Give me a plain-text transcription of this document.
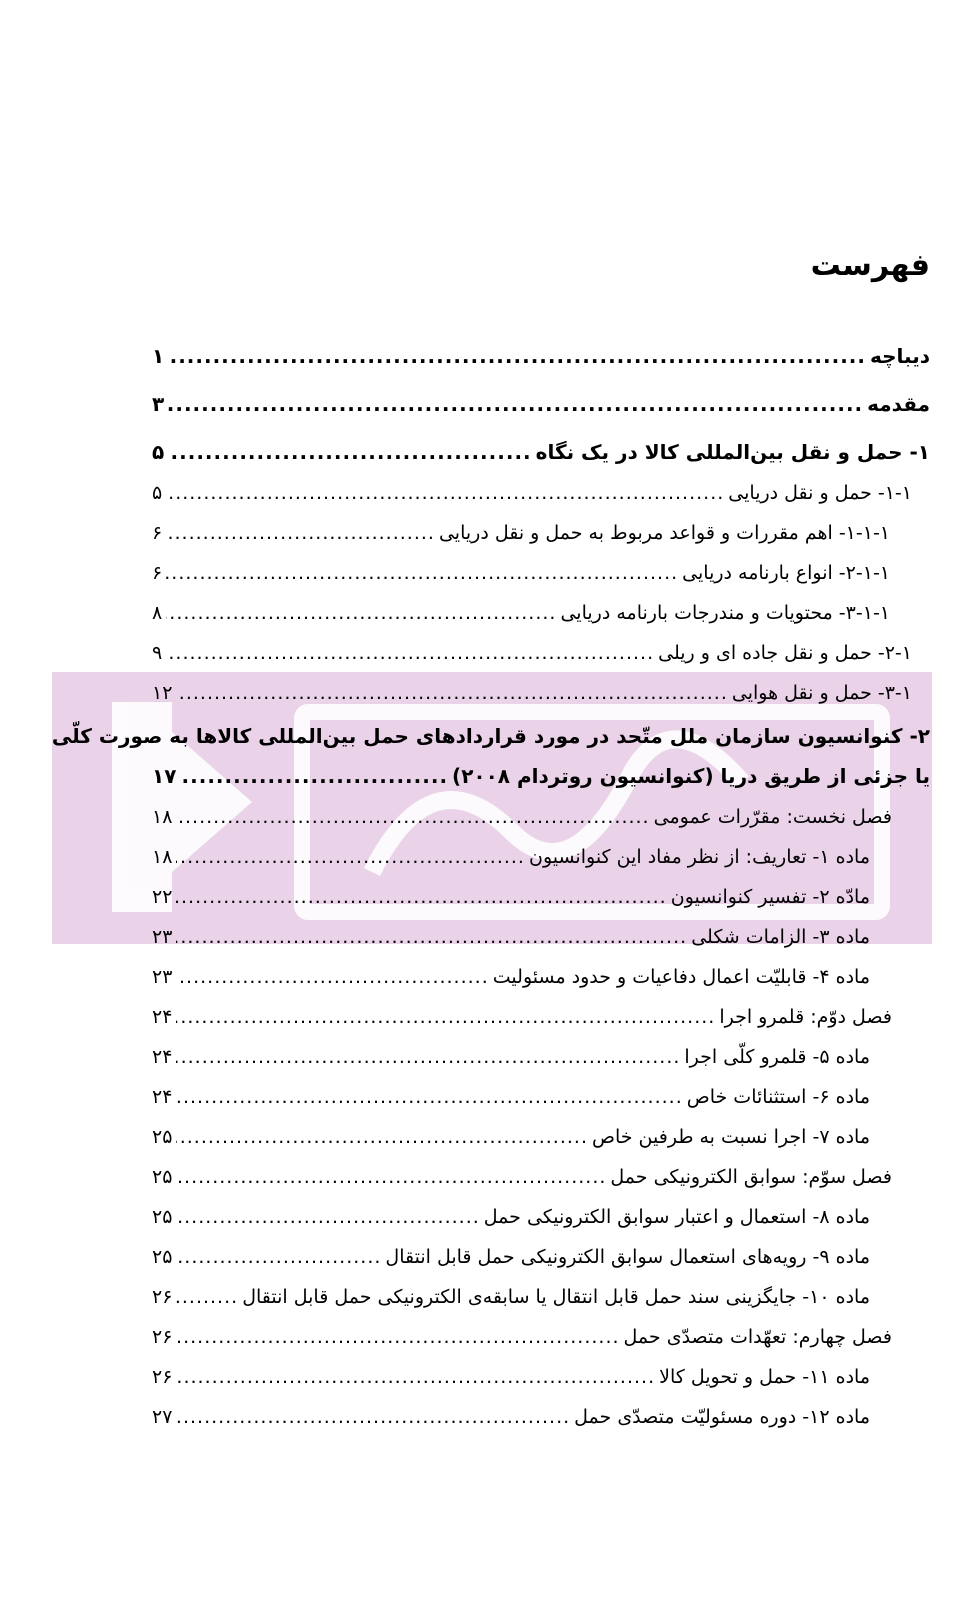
فهرست
دیباچه
.....
۱
مقدمه
.....
۳
۱- حمل و نقل بین‌المللی کالا در یک نگاه
.....
۵
۱-۱- حمل و نقل دریایی
.....
۵
۱-۱-۱- اهم مقررات و قواعد مربوط به حمل و نقل دریایی
.....
۶
۲-۱-۱- انواع بارنامه دریایی
.....
۶
۳-۱-۱- محتویات و مندرجات بارنامه دریایی
.....
۸
۲-۱- حمل و نقل جاده ای و ریلی
.....
۹
۳-۱- حمل و نقل هوایی
.....
۱۲
۲- کنوانسیون سازمان ملل متّحد در مورد قراردادهای حمل بین‌المللی کالاها به صورت کلّی
یا جزئی از طریق دریا (کنوانسیون روتردام ۲۰۰۸)
.....
۱۷
فصل نخست: مقرّرات عمومی
.....
۱۸
ماده ۱- تعاریف: از نظر مفاد این کنوانسیون
.....
۱۸
مادّه ۲- تفسیر کنوانسیون
.....
۲۲
ماده ۳- الزامات شکلی
.....
۲۳
ماده ۴- قابلیّت اعمال دفاعیات و حدود مسئولیت
.....
۲۳
فصل دوّم: قلمرو اجرا
.....
۲۴
ماده ۵- قلمرو کلّی اجرا
.....
۲۴
ماده ۶- استثنائات خاص
.....
۲۴
ماده ۷- اجرا نسبت به طرفین خاص
.....
۲۵
فصل سوّم: سوابق الکترونیکی حمل
.....
۲۵
ماده ۸- استعمال و اعتبار سوابق الکترونیکی حمل
.....
۲۵
ماده ۹- رویه‌های استعمال سوابق الکترونیکی حمل قابل انتقال
.....
۲۵
ماده ۱۰- جایگزینی سند حمل قابل انتقال یا سابقه‌ی الکترونیکی حمل قابل انتقال
.....
۲۶
فصل چهارم: تعهّدات متصدّی حمل
.....
۲۶
ماده ۱۱- حمل و تحویل کالا
.....
۲۶
ماده ۱۲- دوره مسئولیّت متصدّی حمل
.....
۲۷
